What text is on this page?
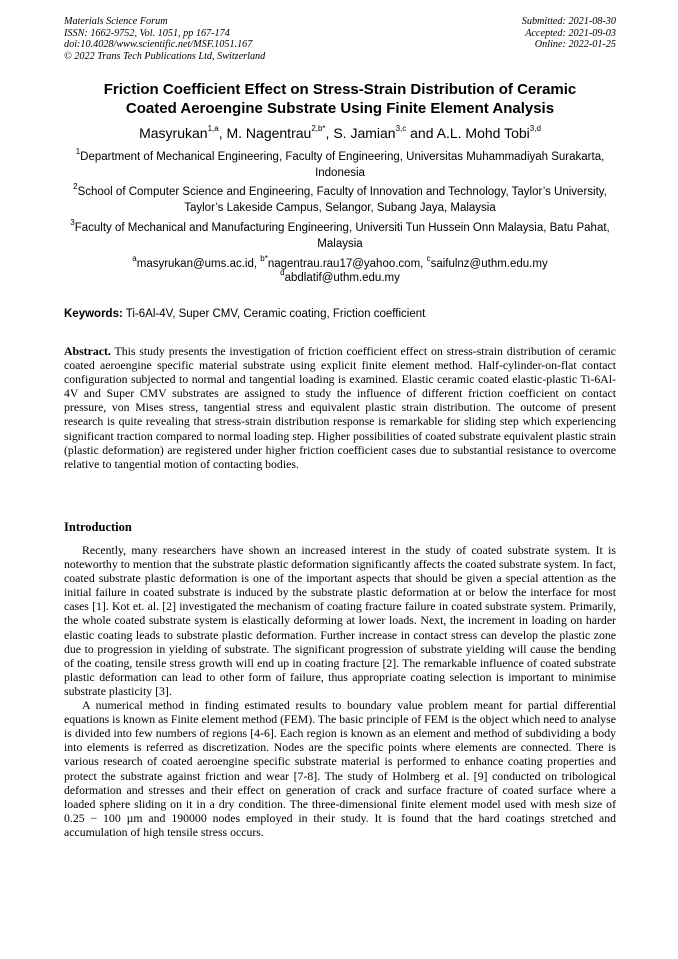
Materials Science Forum
ISSN: 1662-9752, Vol. 1051, pp 167-174
doi:10.4028/www.scientific.net/MSF.1051.167
© 2022 Trans Tech Publications Ltd, Switzerland
Submitted: 2021-08-30
Accepted: 2021-09-03
Online: 2022-01-25
Friction Coefficient Effect on Stress-Strain Distribution of Ceramic
Coated Aeroengine Substrate Using Finite Element Analysis
Masyrukan$^{1,a}$, M. Nagentrau$^{2,b*}$, S. Jamian$^{3,c}$ and A.L. Mohd Tobi$^{3,d}$
$^1$Department of Mechanical Engineering, Faculty of Engineering, Universitas Muhammadiyah Surakarta, Indonesia
$^2$School of Computer Science and Engineering, Faculty of Innovation and Technology, Taylor’s University, Taylor’s Lakeside Campus, Selangor, Subang Jaya, Malaysia
$^3$Faculty of Mechanical and Manufacturing Engineering, Universiti Tun Hussein Onn Malaysia, Batu Pahat, Malaysia
$^a$masyrukan@ums.ac.id, $^{b*}$nagentrau.rau17@yahoo.com, $^c$saifulnz@uthm.edu.my
$^d$abdlatif@uthm.edu.my
Keywords: Ti-6Al-4V, Super CMV, Ceramic coating, Friction coefficient

Abstract. This study presents the investigation of friction coefficient effect on stress-strain distribution of ceramic coated aeroengine specific material substrate using explicit finite element method. Half-cylinder-on-flat contact configuration subjected to normal and tangential loading is examined. Elastic ceramic coated elastic-plastic Ti-6Al-4V and Super CMV substrates are assigned to study the influence of different friction coefficient on contact pressure, von Mises stress, tangential stress and equivalent plastic strain distribution. The outcome of present research is quite revealing that stress-strain distribution response is remarkable for sliding step which experiencing significant traction compared to normal loading step. Higher possibilities of coated substrate equivalent plastic strain (plastic deformation) are registered under higher friction coefficient cases due to substantial resistance to overcome relative to tangential motion of contacting bodies.

Introduction

Recently, many researchers have shown an increased interest in the study of coated substrate system. It is noteworthy to mention that the substrate plastic deformation significantly affects the coated substrate system. In fact, coated substrate plastic deformation is one of the important aspects that should be given a special attention as the initial failure in coated substrate is induced by the substrate plastic deformation at or below the interface for most cases [1]. Kot et. al. [2] investigated the mechanism of coating fracture failure in coated substrate system. Primarily, the whole coated substrate system is elastically deforming at lower loads. Next, the increment in loading on harder elastic coating leads to substrate plastic deformation. Further increase in contact stress can develop the plastic zone due to progression in yielding of substrate. The significant progression of substrate yielding will cause the bending of the coating, tensile stress growth will end up in coating fracture [2]. The remarkable influence of coated substrate plastic deformation can lead to other form of failure, thus appropriate coating selection is important to minimise substrate plasticity [3].

A numerical method in finding estimated results to boundary value problem meant for partial differential equations is known as Finite element method (FEM). The basic principle of FEM is the object which need to analyse is divided into few numbers of regions [4-6]. Each region is known as an element and method of subdividing a body into elements is referred as discretization. Nodes are the specific points where elements are connected. There is various research of coated aeroengine specific substrate material is performed to enhance coating properties and protect the substrate against friction and wear [7-8]. The study of Holmberg et al. [9] conducted on tribological deformation and stresses and their effect on generation of crack and surface fracture of coated surface where a loaded sphere sliding on it in a dry condition. The three-dimensional finite element model used with mesh size of 0.25 − 100 µm and 190000 nodes employed in their study. It is found that the hard coatings stretched and accumulation of high tensile stress occurs.
